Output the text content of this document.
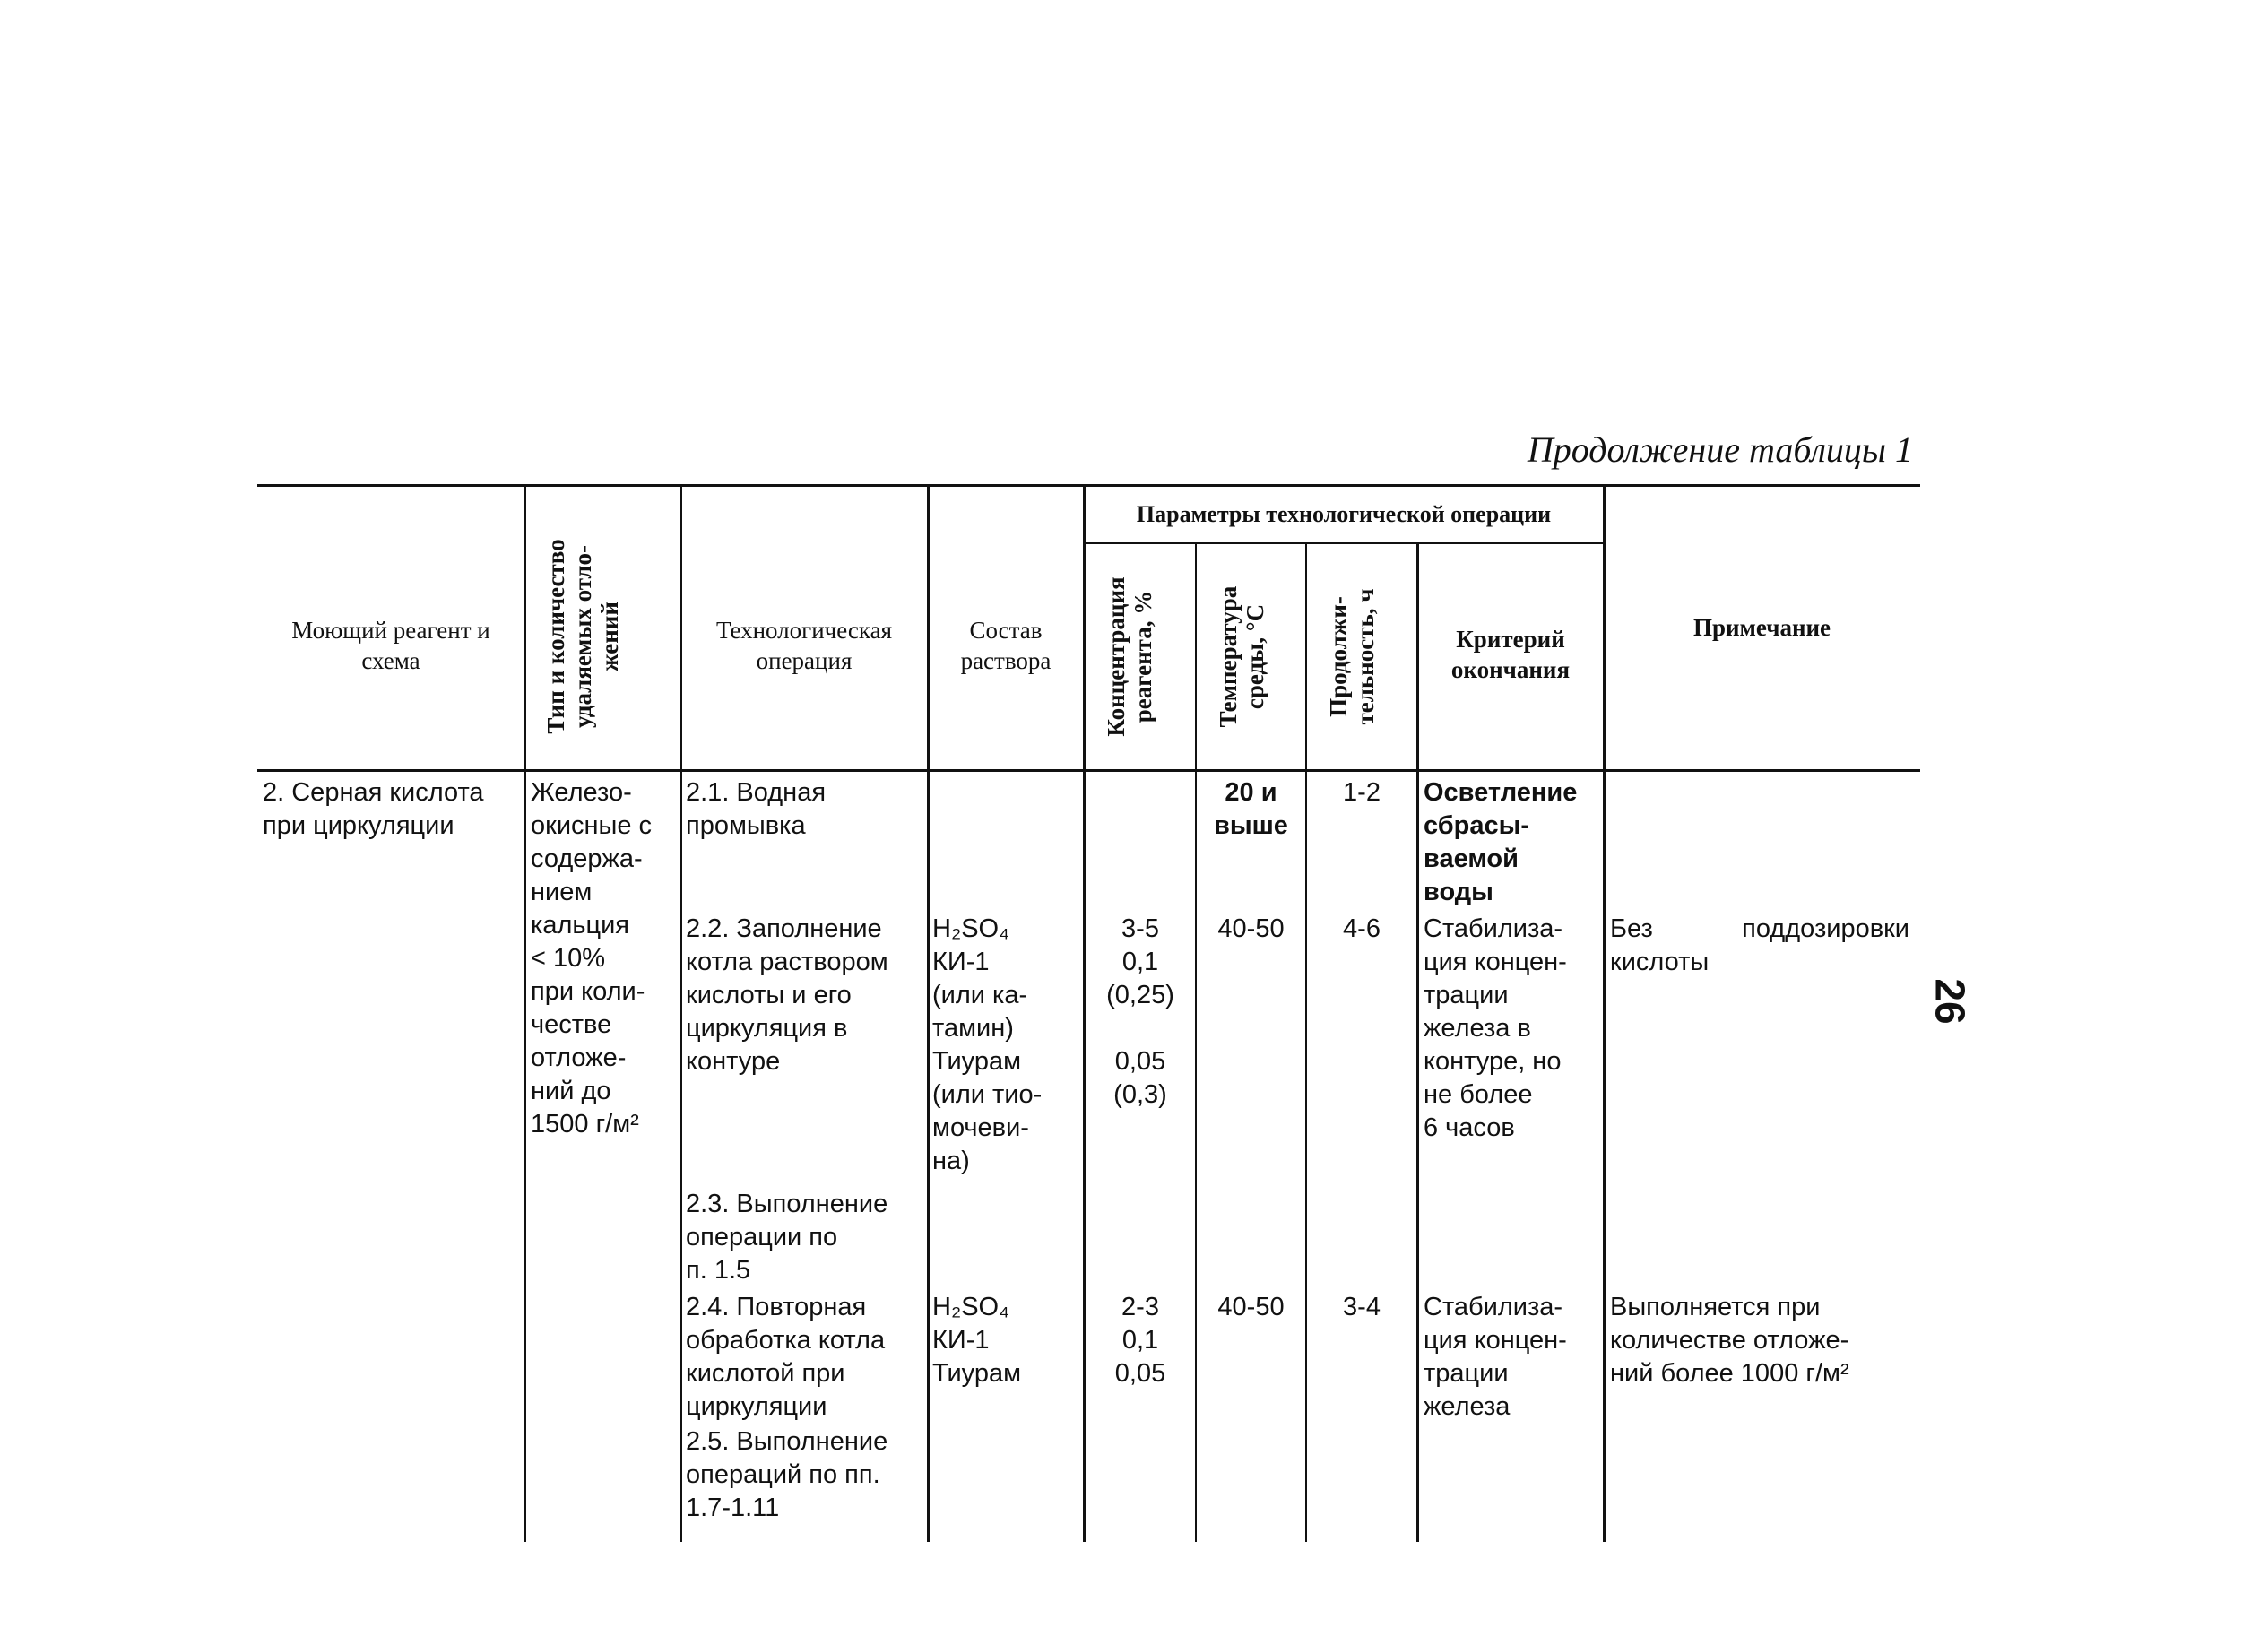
Продолжение таблицы 1
26
Моющий реагент и схема
Тип и количество удаляемых отло-
жений	Технологическая операция
Состав раствора
Параметры технологической операции
Концентрация
реагента, % Температура
среды, °С Продолжи-
тельность, ч
Критерий окончания
Примечание
2. Серная кислота
при циркуляции
Железо-
окисные с
содержа-
нием
кальция
< 10%
при коли-
честве
отложе-
ний до
1500 г/м²
2.1. Водная
промывка
2.2. Заполнение
котла раствором
кислоты и его
циркуляция в
контуре
2.3. Выполнение
операции по
п. 1.5
2.4. Повторная
обработка котла
кислотой при
циркуляции
2.5. Выполнение
операций по пп.
1.7-1.11
H₂SO₄
КИ-1
(или ка-
тамин)
Тиурам
(или тио-
мочеви-
на)
H₂SO₄
КИ-1
Тиурам
3-5
0,1
(0,25)

0,05
(0,3)
2-3
0,1
0,05
20 и
выше
40-50
40-50
1-2
4-6
3-4
Осветление
сбрасы-
ваемой
воды
Стабилиза-
ция концен-
трации
железа в
контуре, но
не более
6 часов
Стабилиза-
ция концен-
трации
железа
Без поддозировки
кислоты
Выполняется при
количестве отложе-
ний более 1000 г/м²
